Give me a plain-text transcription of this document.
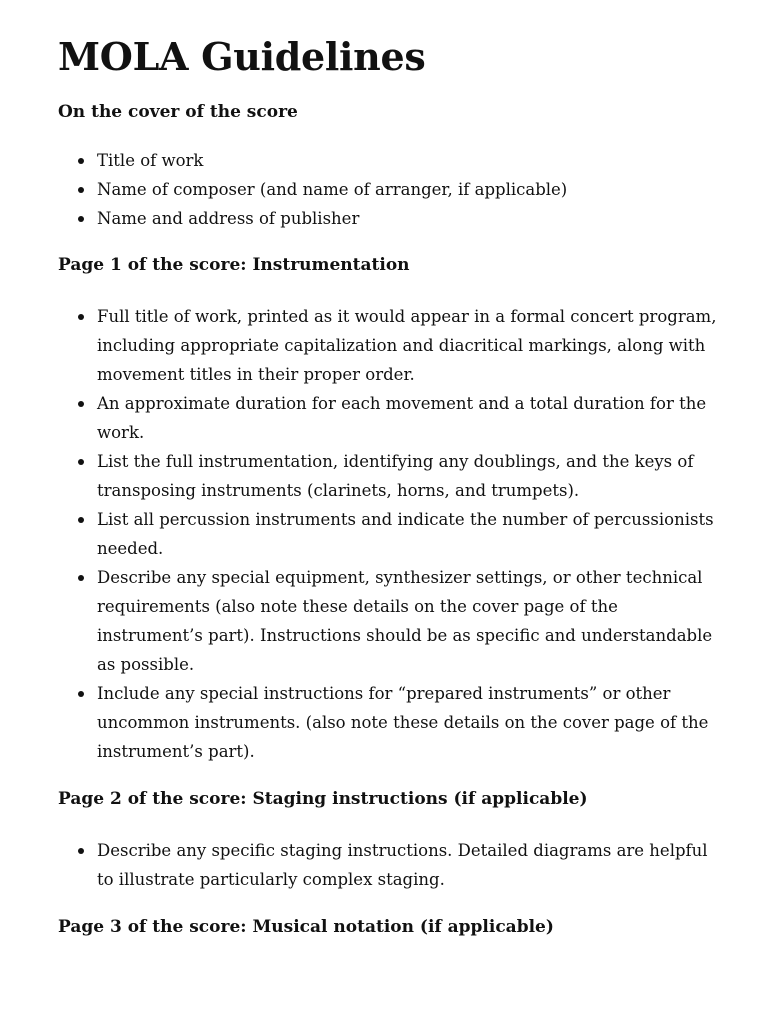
MOLA Guidelines
On the cover of the score
Title of work
Name of composer (and name of arranger, if applicable)
Name and address of publisher
Page 1 of the score: Instrumentation
Full title of work, printed as it would appear in a formal concert program, including appropriate capitalization and diacritical markings, along with movement titles in their proper order.
An approximate duration for each movement and a total duration for the work.
List the full instrumentation, identifying any doublings, and the keys of transposing instruments (clarinets, horns, and trumpets).
List all percussion instruments and indicate the number of percussionists needed.
Describe any special equipment, synthesizer settings, or other technical requirements (also note these details on the cover page of the instrument’s part). Instructions should be as specific and understandable as possible.
Include any special instructions for “prepared instruments” or other uncommon instruments. (also note these details on the cover page of the instrument’s part).
Page 2 of the score: Staging instructions (if applicable)
Describe any specific staging instructions. Detailed diagrams are helpful to illustrate particularly complex staging.
Page 3 of the score: Musical notation (if applicable)
